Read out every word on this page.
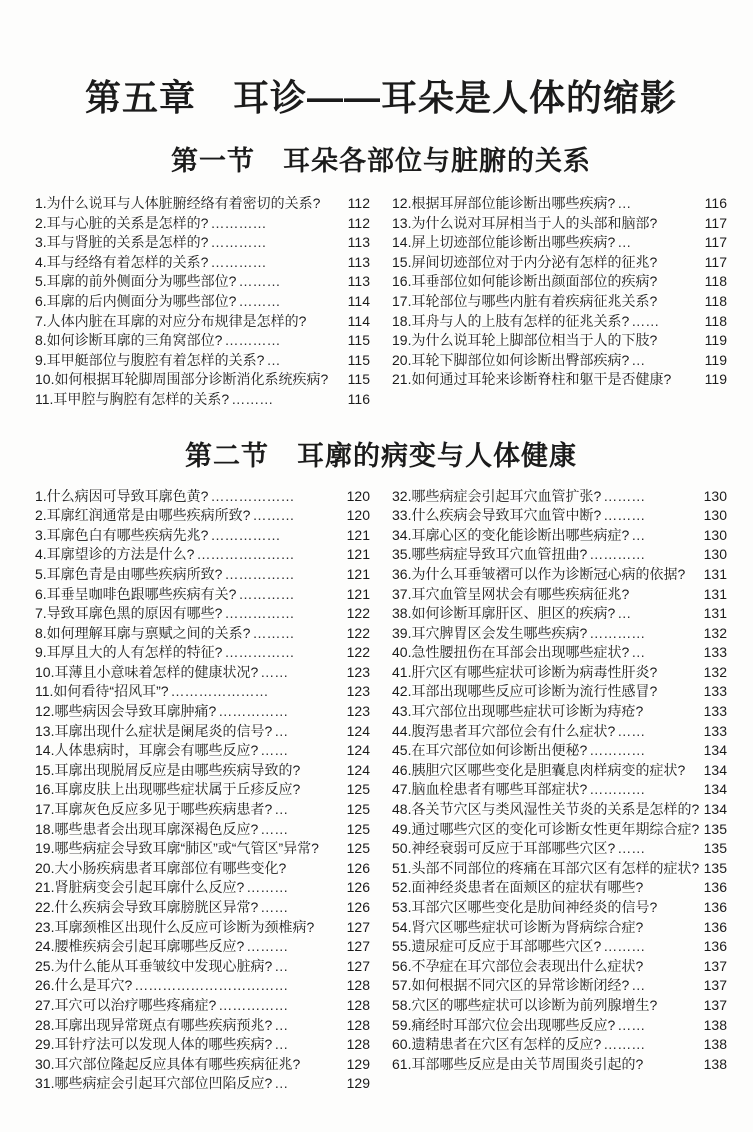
第五章　耳诊——耳朵是人体的缩影
第一节　耳朵各部位与脏腑的关系
1.为什么说耳与人体脏腑经络有着密切的关系? 112
2.耳与心脏的关系是怎样的? …………	112
3.耳与肾脏的关系是怎样的? …………	113
4.耳与经络有着怎样的关系? …………	113
5.耳廓的前外侧面分为哪些部位? ………	113
6.耳廓的后内侧面分为哪些部位? ………	114
7.人体内脏在耳廓的对应分布规律是怎样的?	114
8.如何诊断耳廓的三角窝部位? …………	115
9.耳甲艇部位与腹腔有着怎样的关系? …	115
10.如何根据耳轮脚周围部分诊断消化系统疾病? 115
11.耳甲腔与胸腔有怎样的关系? ………	116
12.根据耳屏部位能诊断出哪些疾病? …	116
13.为什么说对耳屏相当于人的头部和脑部?	117
14.屏上切迹部位能诊断出哪些疾病? …	117
15.屏间切迹部位对于内分泌有怎样的征兆?	117
16.耳垂部位如何能诊断出颜面部位的疾病?	118
17.耳轮部位与哪些内脏有着疾病征兆关系?	118
18.耳舟与人的上肢有怎样的征兆关系? ……	118
19.为什么说耳轮上脚部位相当于人的下肢?	119
20.耳轮下脚部位如何诊断出臀部疾病? …	119
21.如何通过耳轮来诊断脊柱和躯干是否健康? 119
第二节　耳廓的病变与人体健康
1.什么病因可导致耳廓色黄? ………………	120
2.耳廓红润通常是由哪些疾病所致? ………	120
3.耳廓色白有哪些疾病先兆? ……………	121
4.耳廓望诊的方法是什么? …………………	121
5.耳廓色青是由哪些疾病所致? ……………	121
6.耳垂呈咖啡色跟哪些疾病有关? …………	121
7.导致耳廓色黑的原因有哪些? ……………	122
8.如何理解耳廓与禀赋之间的关系? ………	122
9.耳厚且大的人有怎样的特征? ……………	122
10.耳薄且小意味着怎样的健康状况? ……	123
11.如何看待“招风耳”? …………………	123
12.哪些病因会导致耳廓肿痛? ……………	123
13.耳廓出现什么症状是阑尾炎的信号? …	124
14.人体患病时，耳廓会有哪些反应? ……	124
15.耳廓出现脱屑反应是由哪些疾病导致的?	124
16.耳廓皮肤上出现哪些症状属于丘疹反应?	125
17.耳廓灰色反应多见于哪些疾病患者? …	125
18.哪些患者会出现耳廓深褐色反应? ……	125
19.哪些病症会导致耳廓“肺区”或“气管区”异常? 125
20.大小肠疾病患者耳廓部位有哪些变化?	126
21.肾脏病变会引起耳廓什么反应? ………	126
22.什么疾病会导致耳廓膀胱区异常? ……	126
23.耳廓颈椎区出现什么反应可诊断为颈椎病? 127
24.腰椎疾病会引起耳廓哪些反应? ………	127
25.为什么能从耳垂皱纹中发现心脏病? …	127
26.什么是耳穴? ……………………………	128
27.耳穴可以治疗哪些疼痛症? ……………	128
28.耳廓出现异常斑点有哪些疾病预兆? …	128
29.耳针疗法可以发现人体的哪些疾病? …	128
30.耳穴部位隆起反应具体有哪些疾病征兆?	129
31.哪些病症会引起耳穴部位凹陷反应? …	129
32.哪些病症会引起耳穴血管扩张? ………	130
33.什么疾病会导致耳穴血管中断? ………	130
34.耳廓心区的变化能诊断出哪些病症? …	130
35.哪些病症导致耳穴血管扭曲? …………	130
36.为什么耳垂皱褶可以作为诊断冠心病的依据? 131
37.耳穴血管呈网状会有哪些疾病征兆?	131
38.如何诊断耳廓肝区、胆区的疾病? …	131
39.耳穴脾胃区会发生哪些疾病? …………	132
40.急性腰扭伤在耳部会出现哪些症状? …	133
41.肝穴区有哪些症状可诊断为病毒性肝炎?	132
42.耳部出现哪些反应可诊断为流行性感冒?	133
43.耳穴部位出现哪些症状可诊断为痔疮?	133
44.腹泻患者耳穴部位会有什么症状? ……	133
45.在耳穴部位如何诊断出便秘? …………	134
46.胰胆穴区哪些变化是胆囊息肉样病变的症状? 134
47.脑血栓患者有哪些耳部症状? …………	134
48.各关节穴区与类风湿性关节炎的关系是怎样的? 134
49.通过哪些穴区的变化可诊断女性更年期综合症? 135
50.神经衰弱可反应于耳部哪些穴区? ……	135
51.头部不同部位的疼痛在耳部穴区有怎样的症状? 135
52.面神经炎患者在面颊区的症状有哪些?	136
53.耳部穴区哪些变化是肋间神经炎的信号?	136
54.肾穴区哪些症状可诊断为肾病综合症?	136
55.遗尿症可反应于耳部哪些穴区? ………	136
56.不孕症在耳穴部位会表现出什么症状?	137
57.如何根据不同穴区的异常诊断闭经? …	137
58.穴区的哪些症状可以诊断为前列腺增生?	137
59.痛经时耳部穴位会出现哪些反应? ……	138
60.遗精患者在穴区有怎样的反应? ………	138
61.耳部哪些反应是由关节周围炎引起的?	138
